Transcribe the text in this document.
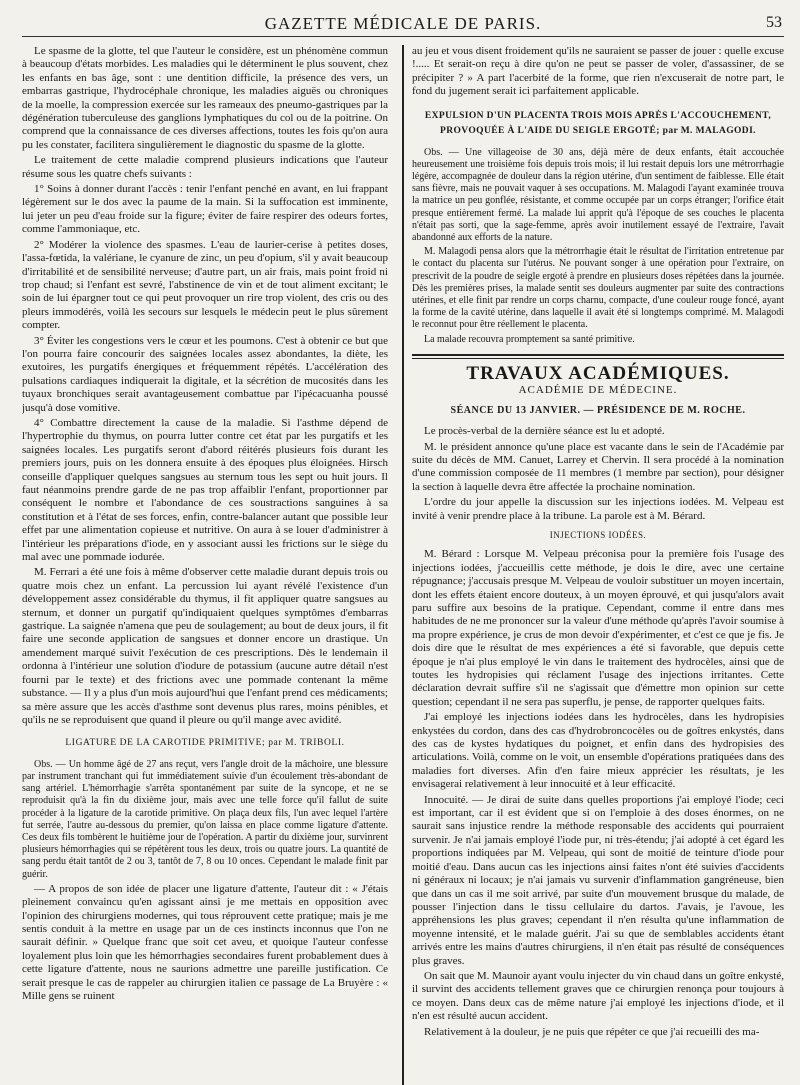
GAZETTE MÉDICALE DE PARIS.	53

Le spasme de la glotte, tel que l'auteur le considère, est un phénomène commun à beaucoup d'états morbides. Les maladies qui le déterminent le plus souvent, chez les enfants en bas âge, sont : une dentition difficile, la présence des vers, un embarras gastrique, l'hydrocéphale chronique, les maladies aiguës ou chroniques de la moelle, la compression exercée sur les rameaux des pneumo-gastriques par la dégénération tuberculeuse des ganglions lymphatiques du col ou de la poitrine. On comprend que la connaissance de ces diverses affections, toutes les fois qu'on aura pu les constater, facilitera singulièrement le diagnostic du spasme de la glotte.

Le traitement de cette maladie comprend plusieurs indications que l'auteur résume sous les quatre chefs suivants :

1° Soins à donner durant l'accès : tenir l'enfant penché en avant, en lui frappant légèrement sur le dos avec la paume de la main. Si la suffocation est imminente, lui jeter un peu d'eau froide sur la figure; éviter de faire respirer des odeurs fortes, comme l'ammoniaque, etc.

2° Modérer la violence des spasmes. L'eau de laurier-cerise à petites doses, l'assa-fœtida, la valériane, le cyanure de zinc, un peu d'opium, s'il y avait beaucoup d'irritabilité et de sensibilité nerveuse; d'autre part, un air frais, mais point froid ni trop chaud; si l'enfant est sevré, l'abstinence de vin et de tout aliment excitant; le soin de lui épargner tout ce qui peut provoquer un rire trop violent, des cris ou des pleurs immodérés, voilà les secours sur lesquels le médecin peut le plus sûrement compter.

3° Éviter les congestions vers le cœur et les poumons. C'est à obtenir ce but que l'on pourra faire concourir des saignées locales assez abondantes, la diète, les exutoires, les purgatifs énergiques et fréquemment répétés. L'accélération des pulsations cardiaques indiquerait la digitale, et la sécrétion de mucosités dans les tuyaux bronchiques serait avantageusement combattue par l'ipécacuanha poussé jusqu'à dose vomitive.

4° Combattre directement la cause de la maladie. Si l'asthme dépend de l'hypertrophie du thymus, on pourra lutter contre cet état par les purgatifs et les saignées locales. Les purgatifs seront d'abord réitérés plusieurs fois durant les premiers jours, puis on les donnera ensuite à des époques plus éloignées. Hirsch conseille d'appliquer quelques sangsues au sternum tous les sept ou huit jours. Il faut néanmoins prendre garde de ne pas trop affaiblir l'enfant, proportionner par conséquent le nombre et l'abondance de ces soustractions sanguines à sa constitution et à l'état de ses forces, enfin, contre-balancer autant que possible leur effet par une alimentation copieuse et nutritive. On aura à se louer d'administrer à l'intérieur les préparations d'iode, en y associant aussi les frictions sur le siège du mal avec une pommade iodurée.

M. Ferrari a été une fois à même d'observer cette maladie durant depuis trois ou quatre mois chez un enfant. La percussion lui ayant révélé l'existence d'un développement assez considérable du thymus, il fit appliquer quatre sangsues au sternum, et donner un purgatif qu'indiquaient quelques symptômes d'embarras gastrique. La saignée n'amena que peu de soulagement; au bout de deux jours, il fit faire une seconde application de sangsues et donner encore un drastique. Un amendement marqué suivit l'exécution de ces prescriptions. Dès le lendemain il ordonna à l'intérieur une solution d'iodure de potassium (aucune autre détail n'est fourni par le texte) et des frictions avec une pommade contenant la même substance. — Il y a plus d'un mois aujourd'hui que l'enfant prend ces médicaments; sa mère assure que les accès d'asthme sont devenus plus rares, moins pénibles, et qu'ils ne se reproduisent que quand il pleure ou qu'il mange avec avidité.

LIGATURE DE LA CAROTIDE PRIMITIVE; par M. TRIBOLI.

Obs. — Un homme âgé de 27 ans reçut, vers l'angle droit de la mâchoire, une blessure par instrument tranchant qui fut immédiatement suivie d'un écoulement très-abondant de sang artériel. L'hémorrhagie s'arrêta spontanément par suite de la syncope, et ne se reproduisit qu'à la fin du dixième jour, mais avec une telle force qu'il fallut de suite procéder à la ligature de la carotide primitive. On plaça deux fils, l'un avec lequel l'artère fut serrée, l'autre au-dessous du premier, qu'on laissa en place comme ligature d'attente. Ces deux fils tombèrent le huitième jour de l'opération. A partir du dixième jour, survinrent plusieurs hémorrhagies qui se répétèrent tous les deux, trois ou quatre jours. La quantité de sang perdu était tantôt de 2 ou 3, tantôt de 7, 8 ou 10 onces. Cependant le malade finit par guérir.

— A propos de son idée de placer une ligature d'attente, l'auteur dit : « J'étais pleinement convaincu qu'en agissant ainsi je me mettais en opposition avec l'opinion des chirurgiens modernes, qui tous réprouvent cette pratique; mais je me sentis conduit à la mettre en usage par un de ces instincts inconnus que l'on ne saurait définir. » Quelque franc que soit cet aveu, et quoique l'auteur confesse loyalement plus loin que les hémorrhagies secondaires furent probablement dues à cette ligature d'attente, nous ne saurions admettre une pareille justification. Ce serait presque le cas de rappeler au chirurgien italien ce passage de La Bruyère : « Mille gens se ruinent

au jeu et vous disent froidement qu'ils ne sauraient se passer de jouer : quelle excuse !..... Et serait-on reçu à dire qu'on ne peut se passer de voler, d'assassiner, de se précipiter ? » A part l'acerbité de la forme, que rien n'excuserait de notre part, le fond du jugement serait ici parfaitement applicable.

EXPULSION D'UN PLACENTA TROIS MOIS APRÈS L'ACCOUCHEMENT, PROVOQUÉE À L'AIDE DU SEIGLE ERGOTÉ; par M. MALAGODI.

Obs. — Une villageoise de 30 ans, déjà mère de deux enfants, était accouchée heureusement une troisième fois depuis trois mois; il lui restait depuis lors une métrorrhagie légère, accompagnée de douleur dans la région utérine, d'un sentiment de faiblesse. Elle était sans fièvre, mais ne pouvait vaquer à ses occupations. M. Malagodi l'ayant examinée trouva la matrice un peu gonflée, résistante, et comme occupée par un corps étranger; l'orifice était presque entièrement fermé. La malade lui apprit qu'à l'époque de ses couches le placenta n'était pas sorti, que la sage-femme, après avoir inutilement essayé de l'extraire, l'avait abandonné aux efforts de la nature.

M. Malagodi pensa alors que la métrorrhagie était le résultat de l'irritation entretenue par le contact du placenta sur l'utérus. Ne pouvant songer à une opération pour l'extraire, on prescrivit de la poudre de seigle ergoté à prendre en plusieurs doses répétées dans la journée. Dès les premières prises, la malade sentit ses douleurs augmenter par suite des contractions utérines, et elle finit par rendre un corps charnu, compacte, d'une couleur rouge foncé, ayant la forme de la cavité utérine, dans laquelle il avait été si longtemps comprimé. M. Malagodi le reconnut pour être réellement le placenta.

La malade recouvra promptement sa santé primitive.

TRAVAUX ACADÉMIQUES.
ACADÉMIE DE MÉDECINE.
SÉANCE DU 13 JANVIER. — PRÉSIDENCE DE M. ROCHE.

Le procès-verbal de la dernière séance est lu et adopté.

M. le président annonce qu'une place est vacante dans le sein de l'Académie par suite du décès de MM. Canuet, Larrey et Chervin. Il sera procédé à la nomination d'une commission composée de 11 membres (1 membre par section), pour désigner la section à laquelle devra être affectée la prochaine nomination.

L'ordre du jour appelle la discussion sur les injections iodées. M. Velpeau est invité à venir prendre place à la tribune. La parole est à M. Bérard.

INJECTIONS IODÉES.

M. Bérard : Lorsque M. Velpeau préconisa pour la première fois l'usage des injections iodées, j'accueillis cette méthode, je dois le dire, avec une certaine répugnance; j'accusais presque M. Velpeau de vouloir substituer un moyen incertain, dont les effets étaient encore douteux, à un moyen éprouvé, et qui jusqu'alors avait paru suffire aux besoins de la pratique. Cependant, comme il entre dans mes habitudes de ne me prononcer sur la valeur d'une méthode qu'après l'avoir soumise à ma propre expérience, je crus de mon devoir d'expérimenter, et c'est ce que je fis. Je dois dire que le résultat de mes expériences a été si favorable, que depuis cette époque je n'ai plus employé le vin dans le traitement des hydrocèles, ainsi que de toutes les hydropisies qui réclament l'usage des injections irritantes. Cette déclaration devrait suffire s'il ne s'agissait que d'émettre mon opinion sur cette question; cependant il ne sera pas superflu, je pense, de rapporter quelques faits.

J'ai employé les injections iodées dans les hydrocèles, dans les hydropisies enkystées du cordon, dans des cas d'hydrobroncocèles ou de goîtres enkystés, dans des cas de kystes hydatiques du poignet, et enfin dans des hydropisies des articulations. Voilà, comme on le voit, un ensemble d'opérations pratiquées dans des maladies fort diverses. Afin d'en faire mieux apprécier les résultats, je les envisagerai relativement à leur innocuité et à leur efficacité.

Innocuité. — Je dirai de suite dans quelles proportions j'ai employé l'iode; ceci est important, car il est évident que si on l'emploie à des doses énormes, on ne saurait sans injustice rendre la méthode responsable des accidents qui pourraient survenir. Je n'ai jamais employé l'iode pur, ni très-étendu; j'ai adopté à cet égard les proportions indiquées par M. Velpeau, qui sont de moitié de teinture d'iode pour moitié d'eau. Dans aucun cas les injections ainsi faites n'ont été suivies d'accidents ni généraux ni locaux; je n'ai jamais vu survenir d'inflammation gangréneuse, bien que dans un cas il me soit arrivé, par suite d'un mouvement brusque du malade, de pousser l'injection dans le tissu cellulaire du dartos. J'avais, je l'avoue, les appréhensions les plus graves; cependant il n'en résulta qu'une inflammation de moyenne intensité, et le malade guérit. J'ai su que de semblables accidents étant arrivés entre les mains d'autres chirurgiens, il n'en était pas résulté de conséquences plus graves.

On sait que M. Maunoir ayant voulu injecter du vin chaud dans un goître enkysté, il survint des accidents tellement graves que ce chirurgien renonça pour toujours à ce moyen. Dans deux cas de même nature j'ai employé les injections d'iode, et il n'en est résulté aucun accident.

Relativement à la douleur, je ne puis que répéter ce que j'ai recueilli des ma-
